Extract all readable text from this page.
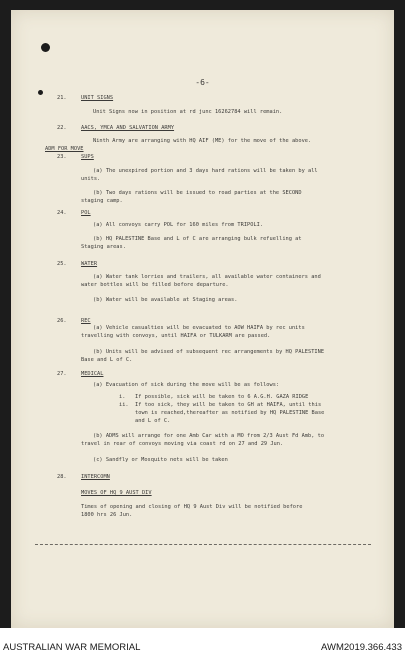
-6-
21.	UNIT SIGNS
Unit Signs now in position at rd junc 16262784 will remain.
22.	AACS, YMCA AND SALVATION ARMY
Ninth Army are arranging with HQ AIF (ME) for the move of the above.
ADM FOR MOVE
23.	SUPS
(a) The unexpired portion and 3 days hard rations will be taken by all
units.
(b) Two days rations will be issued to road parties at the SECOND
staging camp.
24.	POL
(a) All convoys carry POL for 160 miles from TRIPOLI.
(b) HQ PALESTINE Base and L of C are arranging bulk refuelling at
Staging areas.
25.	WATER
(a) Water tank lorries and trailers, all available water containers and
water bottles will be filled before departure.
(b) Water will be available at Staging areas.
26.	REC
(a) Vehicle casualties will be evacuated to AOW HAIFA by rec units
travelling with convoys, until HAIFA or TULKARM are passed.
(b) Units will be advised of subsequent rec arrangements by HQ PALESTINE
Base and L of C.
27.	MEDICAL
(a) Evacuation of sick during the move will be as follows:
i.   If possible, sick will be taken to 6 A.G.H. GAZA RIDGE
ii.  If too sick, they will be taken to GH at HAIFA, until this
town is reached,thereafter as notified by HQ PALESTINE Base
and L of C.
(b) ADMS will arrange for one Amb Car with a MO from 2/3 Aust Fd Amb, to
travel in rear of convoys moving via coast rd on 27 and 29 Jun.
(c) Sandfly or Mosquito nets will be taken
28.	INTERCOMN
MOVES OF HQ 9 AUST DIV
Times of opening and closing of HQ 9 Aust Div will be notified before
1800 hrs 26 Jun.
AUSTRALIAN WAR MEMORIAL	AWM2019.366.433
